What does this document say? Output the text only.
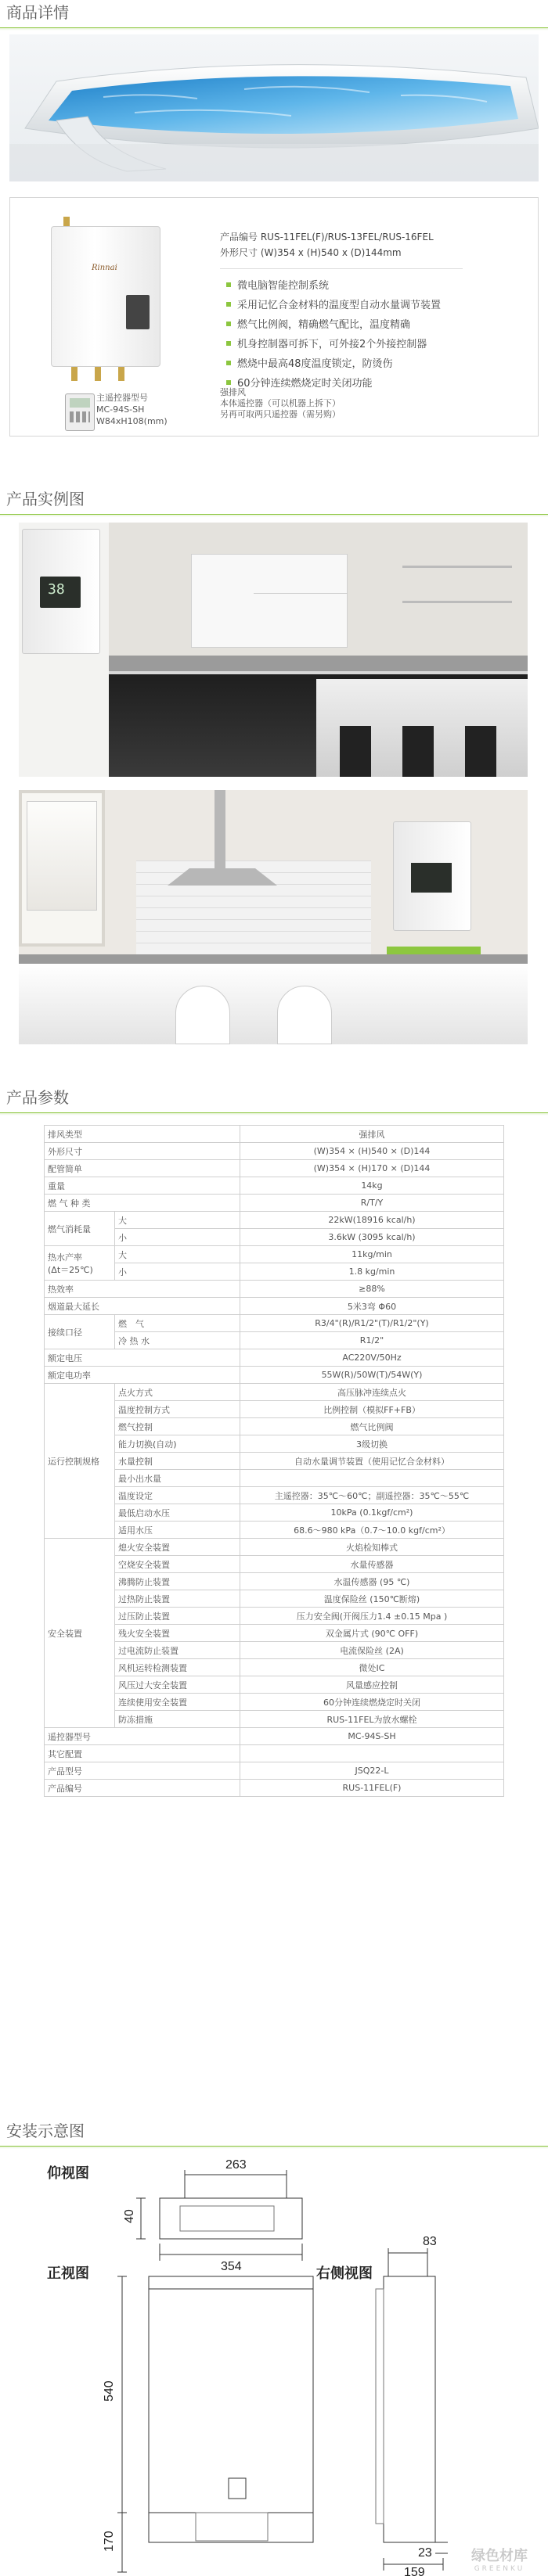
商品详情
Rinnai
主遥控器型号
MC-94S-SH
W84xH108(mm)
强排风
本体遥控器（可以机器上拆下）
另再可取两只遥控器（需另购）
产品编号 RUS-11FEL(F)/RUS-13FEL/RUS-16FEL
外形尺寸 (W)354 x (H)540 x (D)144mm
微电脑智能控制系统
采用记忆合金材料的温度型自动水量调节装置
燃气比例阀，精确燃气配比，温度精确
机身控制器可拆下，可外接2个外接控制器
燃烧中最高48度温度锁定，防烫伤
60分钟连续燃烧定时关闭功能
产品实例图
38
产品参数
排风类型		强排风
外形尺寸		(W)354 × (H)540 × (D)144
配管简单		(W)354 × (H)170 × (D)144
重量		14kg
燃 气 种 类		R/T/Y
燃气消耗量	大	22kW(18916 kcal/h)
	小	3.6kW (3095 kcal/h)
热水产率
(Δt＝25℃)	大	11kg/min
	小	1.8 kg/min
热效率		≥88%
烟道最大延长		5米3弯 Φ60
接续口径	燃　气	R3/4"(R)/R1/2"(T)/R1/2"(Y)
	冷 热 水	R1/2"
额定电压		AC220V/50Hz
额定电功率		55W(R)/50W(T)/54W(Y)
运行控制规格	点火方式	高压脉冲连续点火
	温度控制方式	比例控制（模拟FF+FB）
	燃气控制	燃气比例阀
	能力切换(自动)	3级切换
	水量控制	自动水量调节装置（使用记忆合金材料）
	最小出水量	
	温度设定	主遥控器：35℃～60℃；副遥控器：35℃～55℃
	最低启动水压	10kPa (0.1kgf/cm²)
	适用水压	68.6～980 kPa（0.7～10.0 kgf/cm²）
安全装置	熄火安全装置	火焰检知棒式
	空烧安全装置	水量传感器
	沸腾防止装置	水温传感器 (95 ℃)
	过热防止装置	温度保险丝 (150℃断熔)
	过压防止装置	压力安全阀(开阀压力1.4 ±0.15 Mpa )
	残火安全装置	双金属片式 (90℃ OFF)
	过电流防止装置	电流保险丝 (2A)
	风机运转检测装置	微处IC
	风压过大安全装置	风量感应控制
	连续使用安全装置	60分钟连续燃烧定时关闭
	防冻措施	RUS-11FEL为放水螺栓
遥控器型号		MC-94S-SH
其它配置		
产品型号		JSQ22-L
产品编号		RUS-11FEL(F)
安装示意图
仰视图
正视图	右侧视图
263
40
354
540
170
83
23
159
绿色材库
GREENKU
